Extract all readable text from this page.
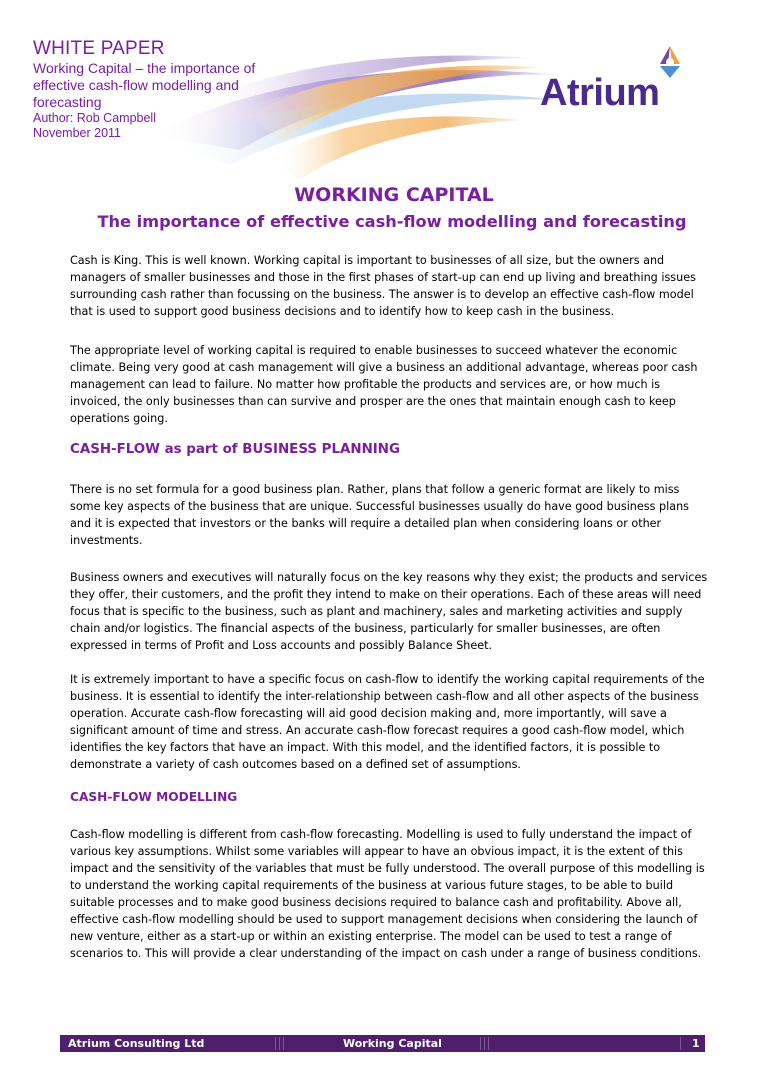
WHITE PAPER
Working Capital – the importance of effective cash-flow modelling and forecasting
Author: Rob Campbell
November 2011
Atrium
WORKING CAPITAL
The importance of effective cash-flow modelling and forecasting

Cash is King. This is well known. Working capital is important to businesses of all size, but the owners and managers of smaller businesses and those in the first phases of start-up can end up living and breathing issues surrounding cash rather than focussing on the business. The answer is to develop an effective cash-flow model that is used to support good business decisions and to identify how to keep cash in the business.

The appropriate level of working capital is required to enable businesses to succeed whatever the economic climate. Being very good at cash management will give a business an additional advantage, whereas poor cash management can lead to failure. No matter how profitable the products and services are, or how much is invoiced, the only businesses than can survive and prosper are the ones that maintain enough cash to keep operations going.

CASH-FLOW as part of BUSINESS PLANNING

There is no set formula for a good business plan. Rather, plans that follow a generic format are likely to miss some key aspects of the business that are unique. Successful businesses usually do have good business plans and it is expected that investors or the banks will require a detailed plan when considering loans or other investments.

Business owners and executives will naturally focus on the key reasons why they exist; the products and services they offer, their customers, and the profit they intend to make on their operations. Each of these areas will need focus that is specific to the business, such as plant and machinery, sales and marketing activities and supply chain and/or logistics. The financial aspects of the business, particularly for smaller businesses, are often expressed in terms of Profit and Loss accounts and possibly Balance Sheet.

It is extremely important to have a specific focus on cash-flow to identify the working capital requirements of the business. It is essential to identify the inter-relationship between cash-flow and all other aspects of the business operation. Accurate cash-flow forecasting will aid good decision making and, more importantly, will save a significant amount of time and stress. An accurate cash-flow forecast requires a good cash-flow model, which identifies the key factors that have an impact. With this model, and the identified factors, it is possible to demonstrate a variety of cash outcomes based on a defined set of assumptions.

CASH-FLOW MODELLING

Cash-flow modelling is different from cash-flow forecasting. Modelling is used to fully understand the impact of various key assumptions. Whilst some variables will appear to have an obvious impact, it is the extent of this impact and the sensitivity of the variables that must be fully understood. The overall purpose of this modelling is to understand the working capital requirements of the business at various future stages, to be able to build suitable processes and to make good business decisions required to balance cash and profitability. Above all, effective cash-flow modelling should be used to support management decisions when considering the launch of new venture, either as a start-up or within an existing enterprise. The model can be used to test a range of scenarios to. This will provide a clear understanding of the impact on cash under a range of business conditions.

Atrium Consulting Ltd	Working Capital	1
